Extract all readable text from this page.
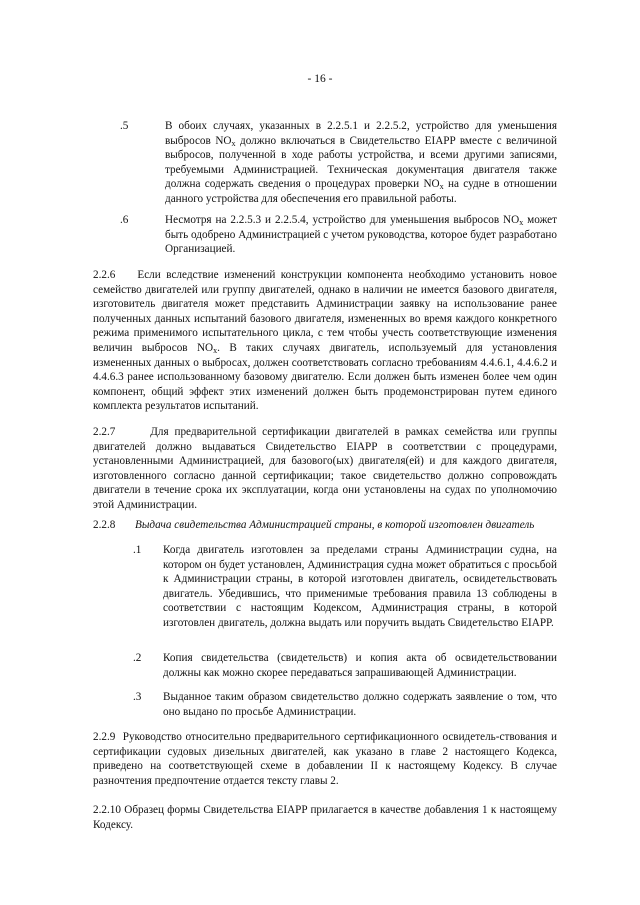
- 16 -
.5	В обоих случаях, указанных в 2.2.5.1 и 2.2.5.2, устройство для уменьшения выбросов $NO_x$ должно включаться в Свидетельство EIAPP вместе с величиной выбросов, полученной в ходе работы устройства, и всеми другими записями, требуемыми Администрацией. Техническая документация двигателя также должна содержать сведения о процедурах проверки $NO_x$ на судне в отношении данного устройства для обеспечения его правильной работы.
.6	Несмотря на 2.2.5.3 и 2.2.5.4, устройство для уменьшения выбросов $NO_x$ может быть одобрено Администрацией с учетом руководства, которое будет разработано Организацией.
2.2.6 Если вследствие изменений конструкции компонента необходимо установить новое семейство двигателей или группу двигателей, однако в наличии не имеется базового двигателя, изготовитель двигателя может представить Администрации заявку на использование ранее полученных данных испытаний базового двигателя, измененных во время каждого конкретного режима применимого испытательного цикла, с тем чтобы учесть соответствующие изменения величин выбросов $NO_x$. В таких случаях двигатель, используемый для установления измененных данных о выбросах, должен соответствовать согласно требованиям 4.4.6.1, 4.4.6.2 и 4.4.6.3 ранее использованному базовому двигателю. Если должен быть изменен более чем один компонент, общий эффект этих изменений должен быть продемонстрирован путем единого комплекта результатов испытаний.
2.2.7	Для предварительной сертификации двигателей в рамках семейства или группы двигателей должно выдаваться Свидетельство EIAPP в соответствии с процедурами, установленными Администрацией, для базового(ых) двигателя(ей) и для каждого двигателя, изготовленного согласно данной сертификации; такое свидетельство должно сопровождать двигатели в течение срока их эксплуатации, когда они установлены на судах по уполномочию этой Администрации.
2.2.8 Выдача свидетельства Администрацией страны, в которой изготовлен двигатель
.1 Когда двигатель изготовлен за пределами страны Администрации судна, на котором он будет установлен, Администрация судна может обратиться с просьбой к Администрации страны, в которой изготовлен двигатель, освидетельствовать двигатель. Убедившись, что применимые требования правила 13 соблюдены в соответствии с настоящим Кодексом, Администрация страны, в которой изготовлен двигатель, должна выдать или поручить выдать Свидетельство EIAPP.
.2 Копия свидетельства (свидетельств) и копия акта об освидетельствовании должны как можно скорее передаваться запрашивающей Администрации.
.3 Выданное таким образом свидетельство должно содержать заявление о том, что оно выдано по просьбе Администрации.
2.2.9 Руководство относительно предварительного сертификационного освидетель-ствования и сертификации судовых дизельных двигателей, как указано в главе 2 настоящего Кодекса, приведено на соответствующей схеме в добавлении II к настоящему Кодексу. В случае разночтения предпочтение отдается тексту главы 2.
2.2.10 Образец формы Свидетельства EIAPP прилагается в качестве добавления 1 к настоящему Кодексу.
